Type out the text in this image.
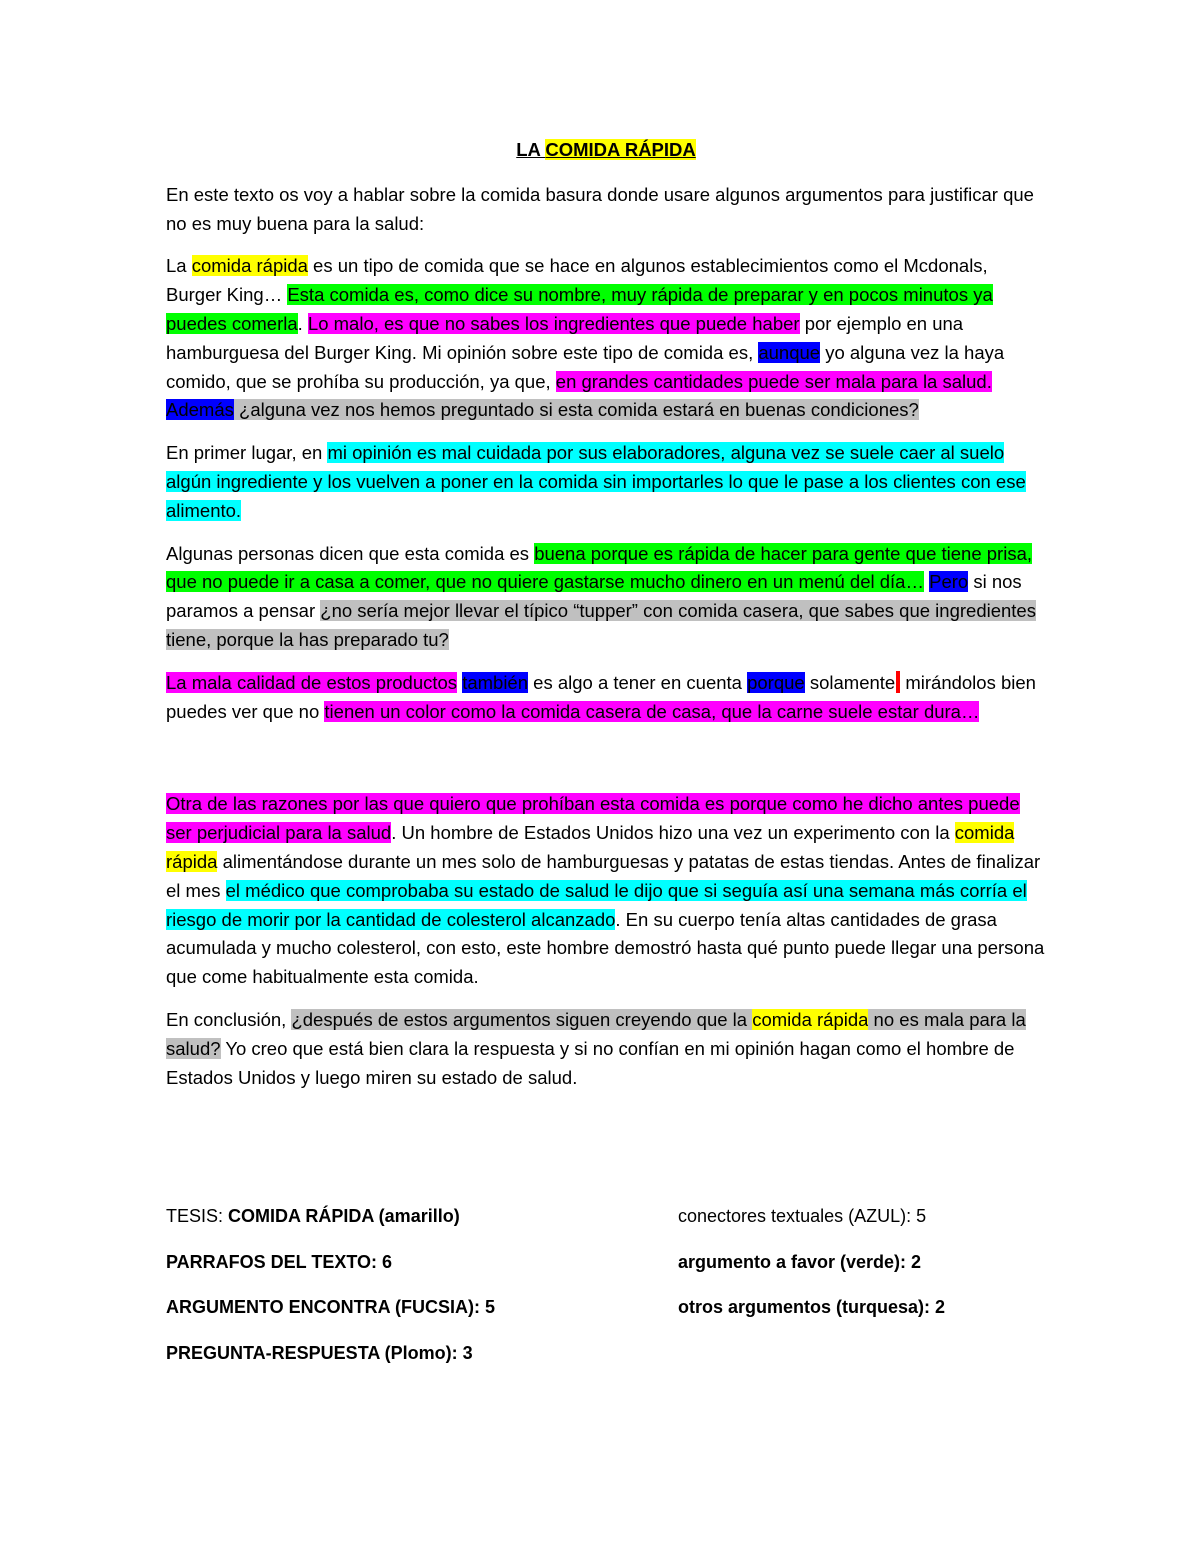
LA COMIDA RÁPIDA

En este texto os voy a hablar sobre la comida basura donde usare algunos argumentos para justificar que no es muy buena para la salud:

La comida rápida es un tipo de comida que se hace en algunos establecimientos como el Mcdonals, Burger King… Esta comida es, como dice su nombre, muy rápida de preparar y en pocos minutos ya puedes comerla. Lo malo, es que no sabes los ingredientes que puede haber por ejemplo en una hamburguesa del Burger King. Mi opinión sobre este tipo de comida es, aunque yo alguna vez la haya comido, que se prohíba su producción, ya que, en grandes cantidades puede ser mala para la salud. Además ¿alguna vez nos hemos preguntado si esta comida estará en buenas condiciones?

En primer lugar, en mi opinión es mal cuidada por sus elaboradores, alguna vez se suele caer al suelo algún ingrediente y los vuelven a poner en la comida sin importarles lo que le pase a los clientes con ese alimento.

Algunas personas dicen que esta comida es buena porque es rápida de hacer para gente que tiene prisa, que no puede ir a casa a comer, que no quiere gastarse mucho dinero en un menú del día… Pero si nos paramos a pensar ¿no sería mejor llevar el típico “tupper” con comida casera, que sabes que ingredientes tiene, porque la has preparado tu?

La mala calidad de estos productos también es algo a tener en cuenta porque solamente mirándolos bien puedes ver que no tienen un color como la comida casera de casa, que la carne suele estar dura…

Otra de las razones por las que quiero que prohíban esta comida es porque como he dicho antes puede ser perjudicial para la salud. Un hombre de Estados Unidos hizo una vez un experimento con la comida rápida alimentándose durante un mes solo de hamburguesas y patatas de estas tiendas. Antes de finalizar el mes el médico que comprobaba su estado de salud le dijo que si seguía así una semana más corría el riesgo de morir por la cantidad de colesterol alcanzado. En su cuerpo tenía altas cantidades de grasa acumulada y mucho colesterol, con esto, este hombre demostró hasta qué punto puede llegar una persona que come habitualmente esta comida.

En conclusión, ¿después de estos argumentos siguen creyendo que la comida rápida no es mala para la salud? Yo creo que está bien clara la respuesta y si no confían en mi opinión hagan como el hombre de Estados Unidos y luego miren su estado de salud.

TESIS: COMIDA RÁPIDA (amarillo)	conectores textuales (AZUL): 5
PARRAFOS DEL TEXTO: 6	argumento a favor (verde): 2
ARGUMENTO ENCONTRA (FUCSIA): 5	otros argumentos (turquesa): 2
PREGUNTA-RESPUESTA (Plomo): 3
